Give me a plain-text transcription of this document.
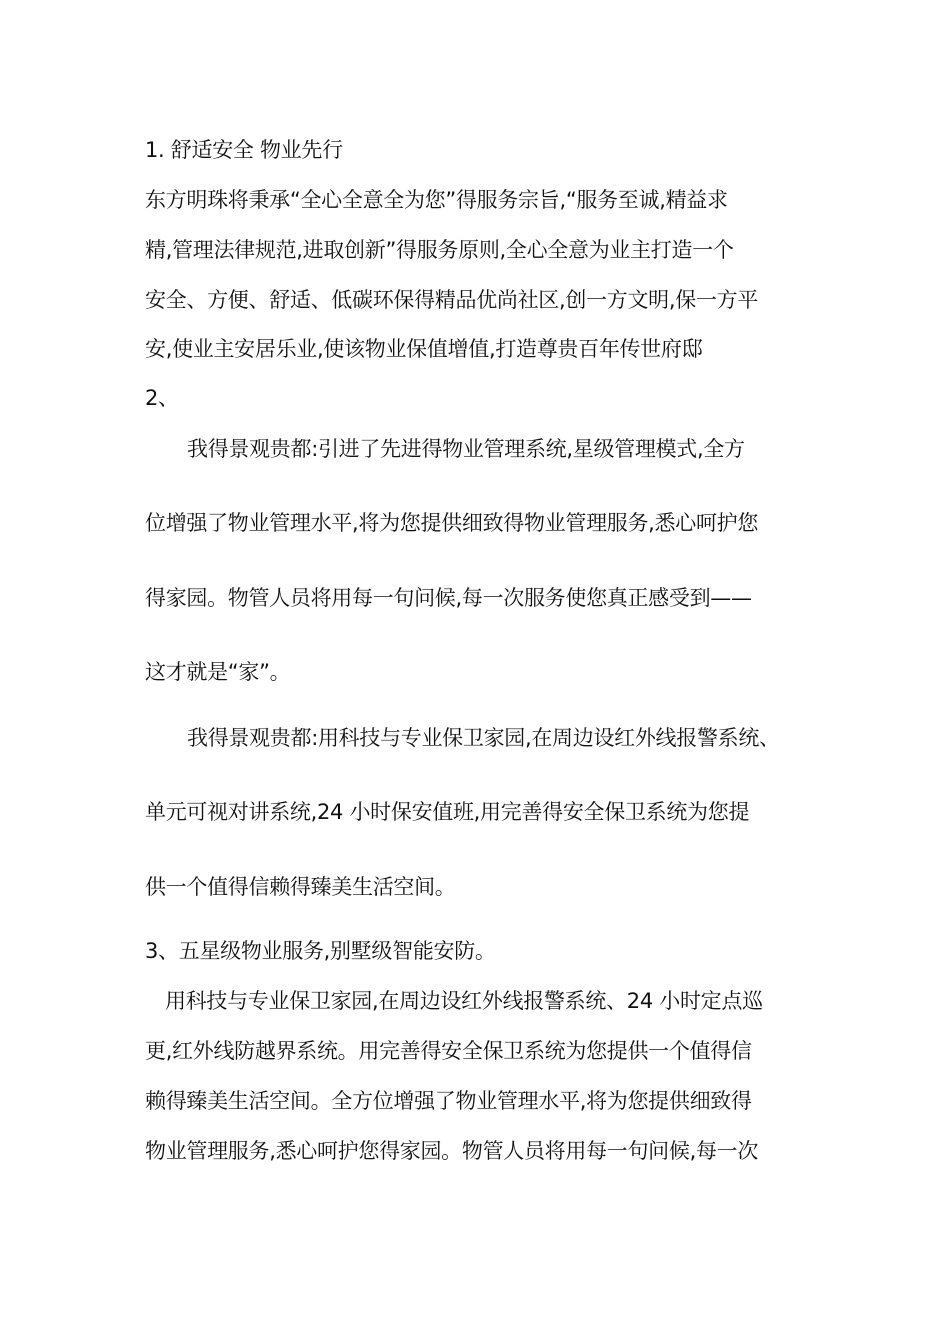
1. 舒适安全 物业先行

东方明珠将秉承“全心全意全为您”得服务宗旨,“服务至诚,精益求

精,管理法律规范,进取创新”得服务原则,全心全意为业主打造一个

安全、方便、舒适、低碳环保得精品优尚社区,创一方文明,保一方平

安,使业主安居乐业,使该物业保值增值,打造尊贵百年传世府邸

2、

我得景观贵都:引进了先进得物业管理系统,星级管理模式,全方

位增强了物业管理水平,将为您提供细致得物业管理服务,悉心呵护您

得家园。物管人员将用每一句问候,每一次服务使您真正感受到——

这才就是“家”。

我得景观贵都:用科技与专业保卫家园,在周边设红外线报警系统、

单元可视对讲系统,24 小时保安值班,用完善得安全保卫系统为您提

供一个值得信赖得臻美生活空间。

3、五星级物业服务,别墅级智能安防。

用科技与专业保卫家园,在周边设红外线报警系统、24 小时定点巡

更,红外线防越界系统。用完善得安全保卫系统为您提供一个值得信

赖得臻美生活空间。全方位增强了物业管理水平,将为您提供细致得

物业管理服务,悉心呵护您得家园。物管人员将用每一句问候,每一次
